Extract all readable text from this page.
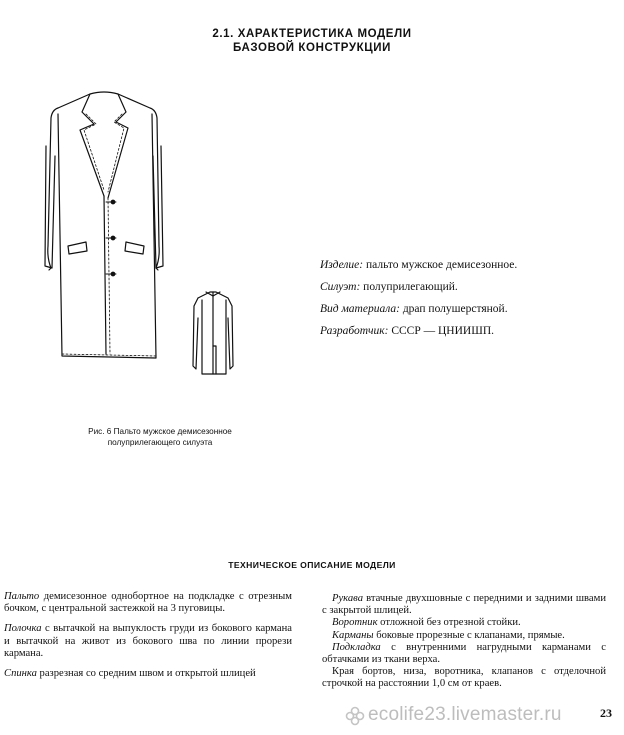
2.1. ХАРАКТЕРИСТИКА МОДЕЛИ
БАЗОВОЙ КОНСТРУКЦИИ
Рис. 6 Пальто мужское демисезонное
полуприлегающего силуэта
Изделие: пальто мужское демисезонное.
Силуэт: полуприлегающий.
Вид материала: драп полушерстяной.
Разработчик: СССР — ЦНИИШП.
ТЕХНИЧЕСКОЕ ОПИСАНИЕ МОДЕЛИ

Пальто демисезонное однобортное на подкладке с отрезным бочком, с центральной застежкой на 3 пуговицы.

Полочка с вытачкой на выпуклость груди из бокового кармана и вытачкой на живот из бокового шва по линии прорези кармана.

Спинка разрезная со средним швом и открытой шлицей

Рукава втачные двухшовные с передними и задними швами с закрытой шлицей.

Воротник отложной без отрезной стойки.

Карманы боковые прорезные с клапанами, прямые.

Подкладка с внутренними нагрудными карманами с обтачками из ткани верха.

Края бортов, низа, воротника, клапанов с отделочной строчкой на расстоянии 1,0 см от краев.

ecolife23.livemaster.ru	23
